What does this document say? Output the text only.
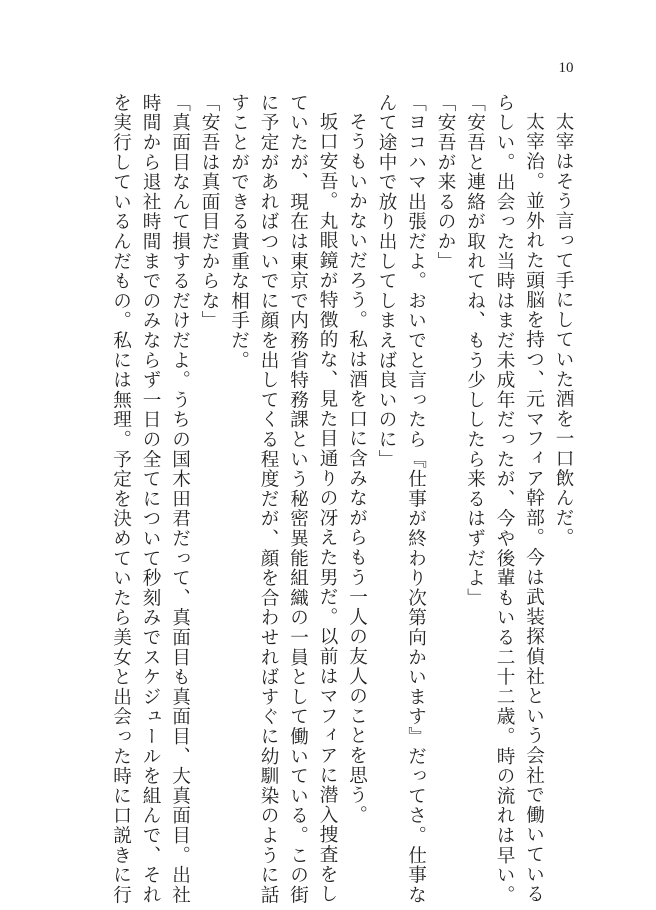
10

太宰はそう言って手にしていた酒を一口飲んだ。

太宰治。並外れた頭脳を持つ、元マフィア幹部。今は武装探偵社という会社で働いている

らしい。出会った当時はまだ未成年だったが、今や後輩もいる二十二歳。時の流れは早い。

「安吾と連絡が取れてね、もう少ししたら来るはずだよ」

「安吾が来るのか」

「ヨコハマ出張だよ。おいでと言ったら『仕事が終わり次第向かいます』だってさ。仕事な

んて途中で放り出してしまえば良いのに」

そうもいかないだろう。私は酒を口に含みながらもう一人の友人のことを思う。

坂口安吾。丸眼鏡が特徴的な、見た目通りの冴えた男だ。以前はマフィアに潜入捜査をし

ていたが、現在は東京で内務省特務課という秘密異能組織の一員として働いている。この街

に予定があればついでに顔を出してくる程度だが、顔を合わせればすぐに幼馴染のように話

すことができる貴重な相手だ。

「安吾は真面目だからな」

「真面目なんて損するだけだよ。うちの国木田君だって、真面目も真面目、大真面目。出社

時間から退社時間までのみならず一日の全てについて秒刻みでスケジュールを組んで、それ

を実行しているんだもの。私には無理。予定を決めていたら美女と出会った時に口説きに行
